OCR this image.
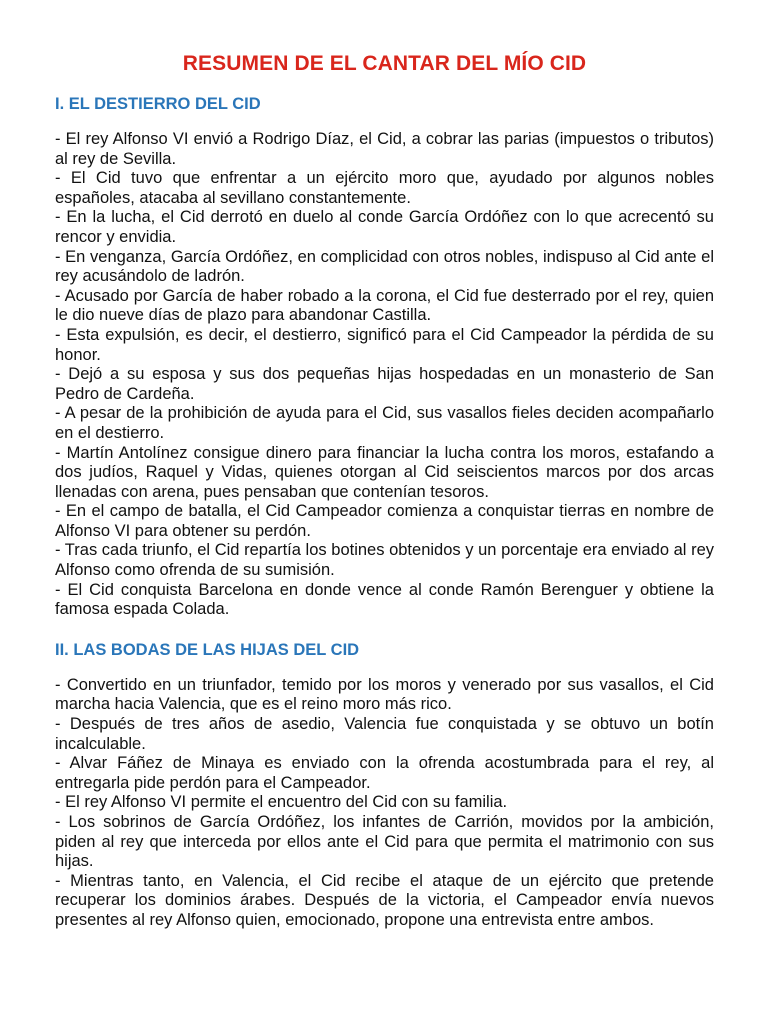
RESUMEN DE EL CANTAR DEL MÍO CID
I. EL DESTIERRO DEL CID

- El rey Alfonso VI envió a Rodrigo Díaz, el Cid, a cobrar las parias (impuestos o tributos) al rey de Sevilla.

- El Cid tuvo que enfrentar a un ejército moro que, ayudado por algunos nobles españoles, atacaba al sevillano constantemente.

- En la lucha, el Cid derrotó en duelo al conde García Ordóñez con lo que acrecentó su rencor y envidia.

- En venganza, García Ordóñez, en complicidad con otros nobles, indispuso al Cid ante el rey acusándolo de ladrón.

- Acusado por García de haber robado a la corona, el Cid fue desterrado por el rey, quien le dio nueve días de plazo para abandonar Castilla.

- Esta expulsión, es decir, el destierro, significó para el Cid Campeador la pérdida de su honor.

- Dejó a su esposa y sus dos pequeñas hijas hospedadas en un monasterio de San Pedro de Cardeña.

- A pesar de la prohibición de ayuda para el Cid, sus vasallos fieles deciden acompañarlo en el destierro.

- Martín Antolínez consigue dinero para financiar la lucha contra los moros, estafando a dos judíos, Raquel y Vidas, quienes otorgan al Cid seiscientos marcos por dos arcas llenadas con arena, pues pensaban que contenían tesoros.

- En el campo de batalla, el Cid Campeador comienza a conquistar tierras en nombre de Alfonso VI para obtener su perdón.

- Tras cada triunfo, el Cid repartía los botines obtenidos y un porcentaje era enviado al rey Alfonso como ofrenda de su sumisión.

- El Cid conquista Barcelona en donde vence al conde Ramón Berenguer y obtiene la famosa espada Colada.

II. LAS BODAS DE LAS HIJAS DEL CID

- Convertido en un triunfador, temido por los moros y venerado por sus vasallos, el Cid marcha hacia Valencia, que es el reino moro más rico.

- Después de tres años de asedio, Valencia fue conquistada y se obtuvo un botín incalculable.

- Alvar Fáñez de Minaya es enviado con la ofrenda acostumbrada para el rey, al entregarla pide perdón para el Campeador.

- El rey Alfonso VI permite el encuentro del Cid con su familia.

- Los sobrinos de García Ordóñez, los infantes de Carrión, movidos por la ambición, piden al rey que interceda por ellos ante el Cid para que permita el matrimonio con sus hijas.

- Mientras tanto, en Valencia, el Cid recibe el ataque de un ejército que pretende recuperar los dominios árabes. Después de la victoria, el Campeador envía nuevos presentes al rey Alfonso quien, emocionado, propone una entrevista entre ambos.
